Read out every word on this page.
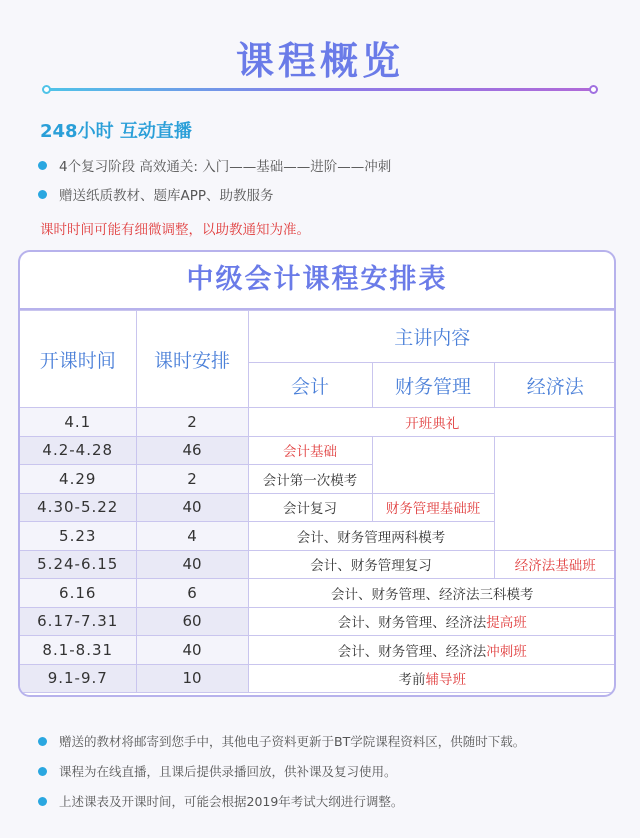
课程概览
248小时 互动直播
4个复习阶段 高效通关: 入门——基础——进阶——冲刺
赠送纸质教材、题库APP、助教服务
课时时间可能有细微调整，以助教通知为准。
中级会计课程安排表
开课时间	课时安排	主讲内容		
		会计	财务管理	经济法
4.1	2	开班典礼		
4.2-4.28	46	会计基础		
4.29	2	会计第一次模考		
4.30-5.22	40	会计复习	财务管理基础班	
5.23	4	会计、财务管理两科模考		
5.24-6.15	40	会计、财务管理复习		经济法基础班
6.16	6	会计、财务管理、经济法三科模考		
6.17-7.31	60	会计、财务管理、经济法提高班		
8.1-8.31	40	会计、财务管理、经济法冲刺班		
9.1-9.7	10	考前辅导班		
赠送的教材将邮寄到您手中，其他电子资料更新于BT学院课程资料区，供随时下载。
课程为在线直播，且课后提供录播回放，供补课及复习使用。
上述课表及开课时间，可能会根据2019年考试大纲进行调整。
